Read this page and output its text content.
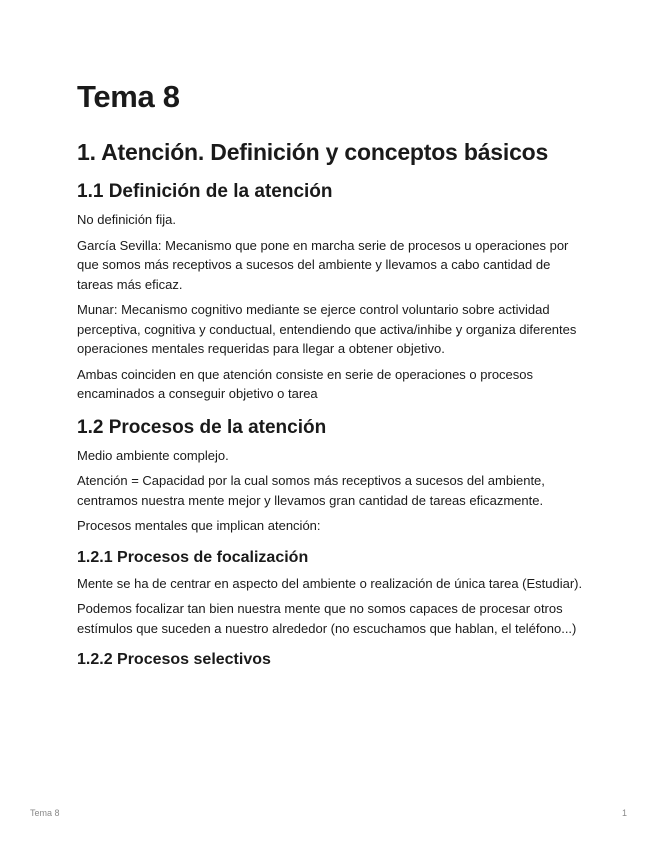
Tema 8
1. Atención. Definición y conceptos básicos
1.1 Definición de la atención

No definición fija.

García Sevilla: Mecanismo que pone en marcha serie de procesos u operaciones por que somos más receptivos a sucesos del ambiente y llevamos a cabo cantidad de tareas más eficaz.

Munar: Mecanismo cognitivo mediante se ejerce control voluntario sobre actividad perceptiva, cognitiva y conductual, entendiendo que activa/inhibe y organiza diferentes operaciones mentales requeridas para llegar a obtener objetivo.

Ambas coinciden en que atención consiste en serie de operaciones o procesos encaminados a conseguir objetivo o tarea

1.2 Procesos de la atención

Medio ambiente complejo.

Atención = Capacidad por la cual somos más receptivos a sucesos del ambiente, centramos nuestra mente mejor y llevamos gran cantidad de tareas eficazmente.

Procesos mentales que implican atención:

1.2.1 Procesos de focalización

Mente se ha de centrar en aspecto del ambiente o realización de única tarea (Estudiar).

Podemos focalizar tan bien nuestra mente que no somos capaces de procesar otros estímulos que suceden a nuestro alrededor (no escuchamos que hablan, el teléfono...)

1.2.2 Procesos selectivos
Tema 8	1
